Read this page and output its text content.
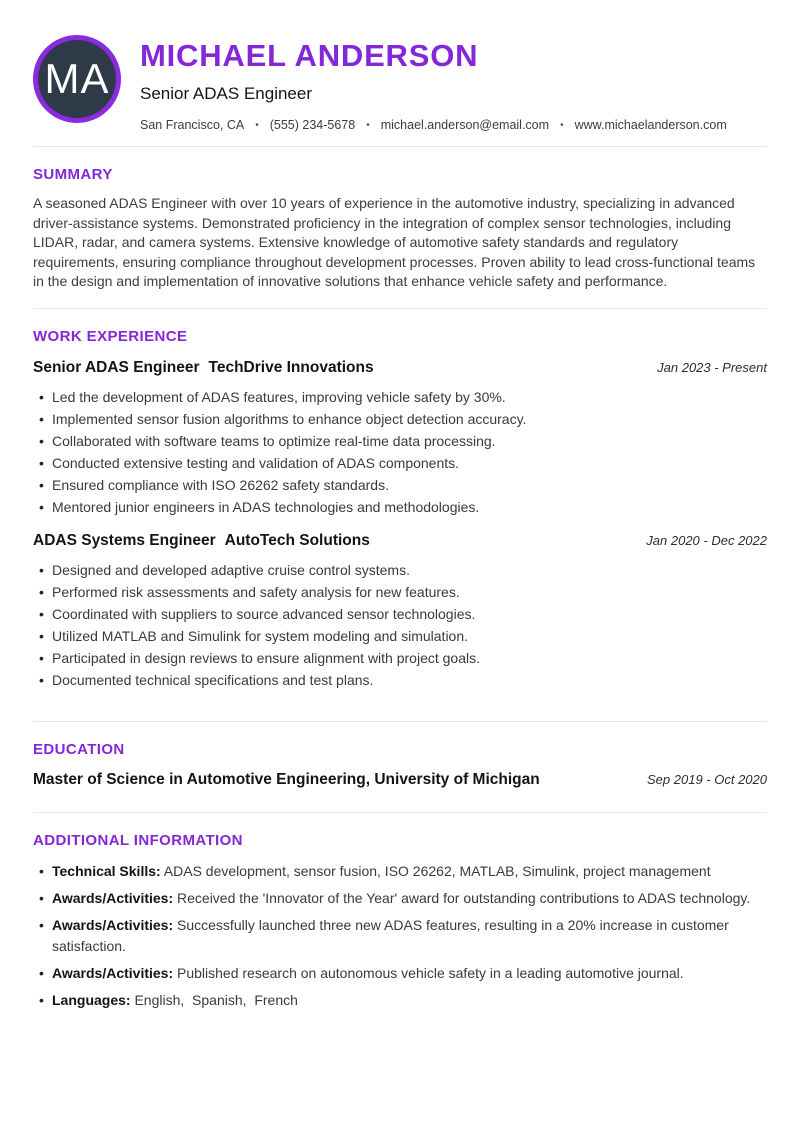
MA MICHAEL ANDERSON
Senior ADAS Engineer
San Francisco, CA • (555) 234-5678 • michael.anderson@email.com • www.michaelanderson.com
SUMMARY

A seasoned ADAS Engineer with over 10 years of experience in the automotive industry, specializing in advanced driver-assistance systems. Demonstrated proficiency in the integration of complex sensor technologies, including LIDAR, radar, and camera systems. Extensive knowledge of automotive safety standards and regulatory requirements, ensuring compliance throughout development processes. Proven ability to lead cross-functional teams in the design and implementation of innovative solutions that enhance vehicle safety and performance.

WORK EXPERIENCE
Senior ADAS Engineer TechDrive Innovations	Jan 2023 - Present
• Led the development of ADAS features, improving vehicle safety by 30%.
• Implemented sensor fusion algorithms to enhance object detection accuracy.
• Collaborated with software teams to optimize real-time data processing.
• Conducted extensive testing and validation of ADAS components.
• Ensured compliance with ISO 26262 safety standards.
• Mentored junior engineers in ADAS technologies and methodologies.
ADAS Systems Engineer AutoTech Solutions	Jan 2020 - Dec 2022
• Designed and developed adaptive cruise control systems.
• Performed risk assessments and safety analysis for new features.
• Coordinated with suppliers to source advanced sensor technologies.
• Utilized MATLAB and Simulink for system modeling and simulation.
• Participated in design reviews to ensure alignment with project goals.
• Documented technical specifications and test plans.
EDUCATION
Master of Science in Automotive Engineering, University of Michigan	Sep 2019 - Oct 2020
ADDITIONAL INFORMATION
• Technical Skills: ADAS development, sensor fusion, ISO 26262, MATLAB, Simulink, project management
• Awards/Activities: Received the 'Innovator of the Year' award for outstanding contributions to ADAS technology.
• Awards/Activities: Successfully launched three new ADAS features, resulting in a 20% increase in customer satisfaction.
• Awards/Activities: Published research on autonomous vehicle safety in a leading automotive journal.
• Languages: English,  Spanish,  French
